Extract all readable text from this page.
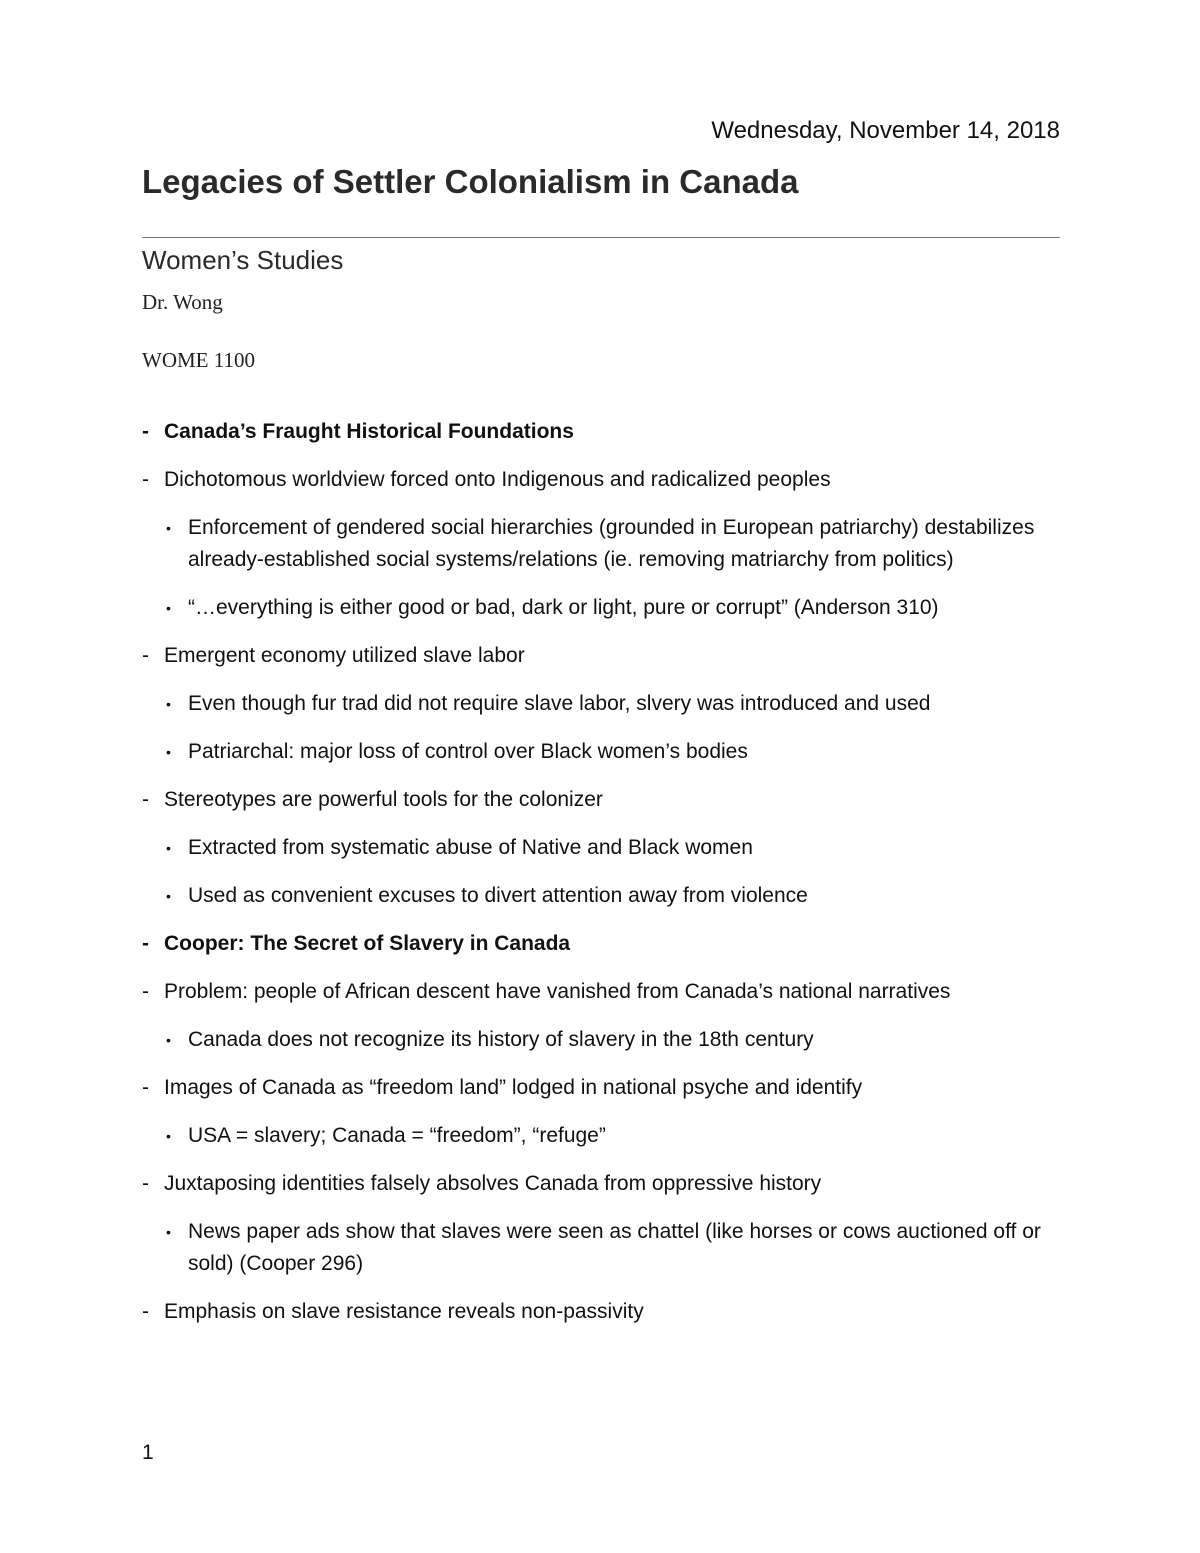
Wednesday, November 14, 2018
Legacies of Settler Colonialism in Canada
Women’s Studies
Dr. Wong
WOME 1100
- Canada’s Fraught Historical Foundations
- Dichotomous worldview forced onto Indigenous and radicalized peoples
• Enforcement of gendered social hierarchies (grounded in European patriarchy) destabilizes already-established social systems/relations (ie. removing matriarchy from politics)
• “…everything is either good or bad, dark or light, pure or corrupt” (Anderson 310)
- Emergent economy utilized slave labor
• Even though fur trad did not require slave labor, slvery was introduced and used
• Patriarchal: major loss of control over Black women’s bodies
- Stereotypes are powerful tools for the colonizer
• Extracted from systematic abuse of Native and Black women
• Used as convenient excuses to divert attention away from violence
- Cooper: The Secret of Slavery in Canada
- Problem: people of African descent have vanished from Canada’s national narratives
• Canada does not recognize its history of slavery in the 18th century
- Images of Canada as “freedom land” lodged in national psyche and identify
• USA = slavery; Canada = “freedom”, “refuge”
- Juxtaposing identities falsely absolves Canada from oppressive history
• News paper ads show that slaves were seen as chattel (like horses or cows auctioned off or sold) (Cooper 296)
- Emphasis on slave resistance reveals non-passivity
1
